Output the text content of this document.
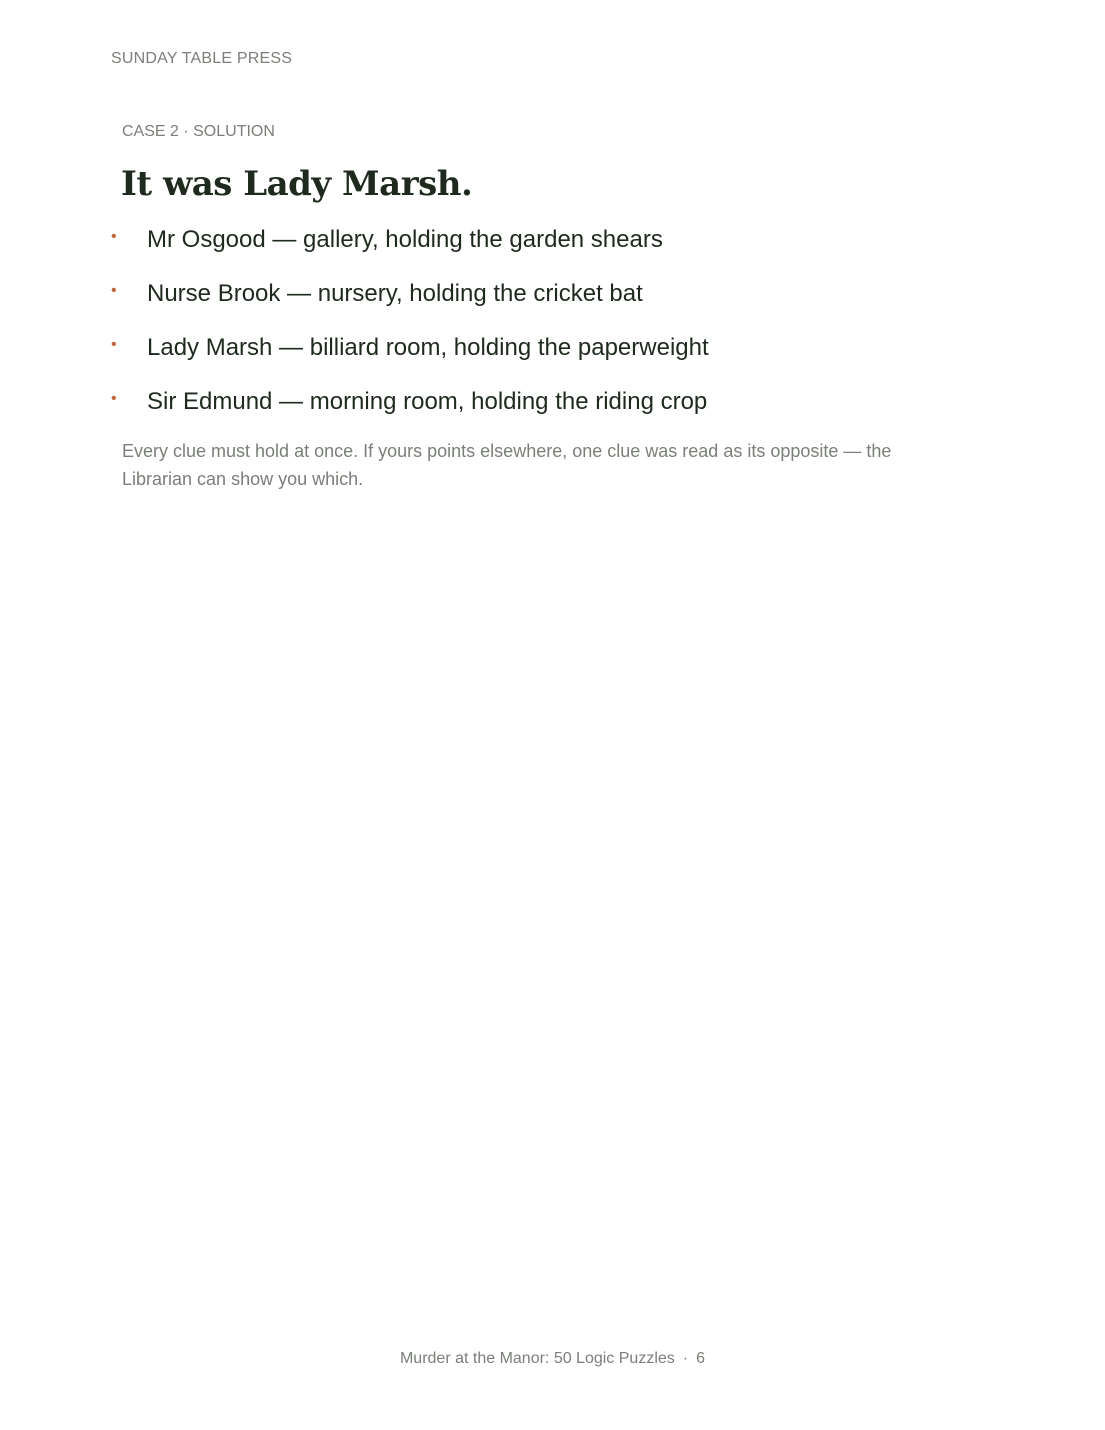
SUNDAY TABLE PRESS
CASE 2 · SOLUTION
It was Lady Marsh.
• Mr Osgood — gallery, holding the garden shears
• Nurse Brook — nursery, holding the cricket bat
• Lady Marsh — billiard room, holding the paperweight
• Sir Edmund — morning room, holding the riding crop

Every clue must hold at once. If yours points elsewhere, one clue was read as its opposite — the Librarian can show you which.

Murder at the Manor: 50 Logic Puzzles · 6
